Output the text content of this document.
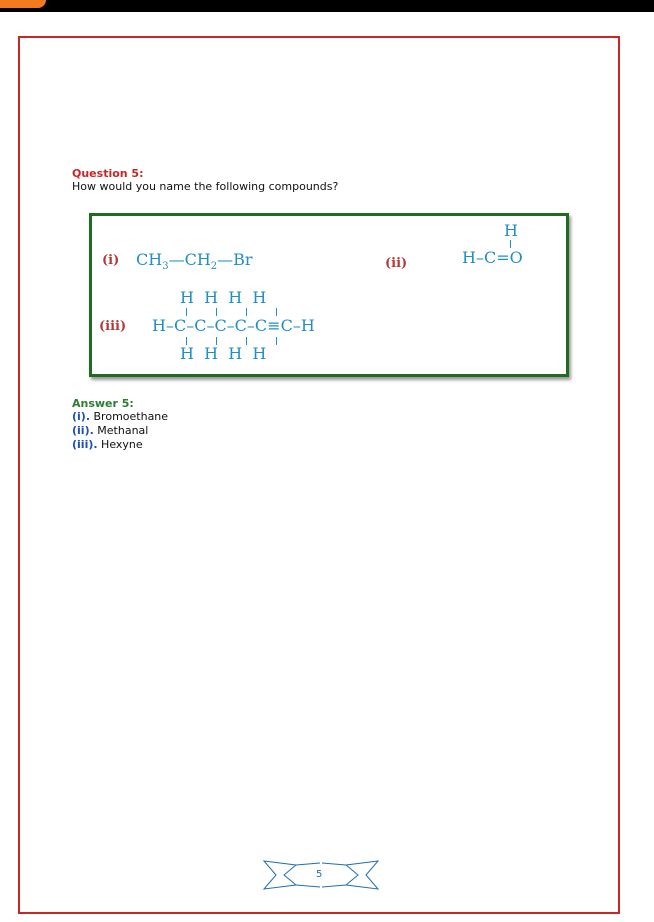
Question 5:
How would you name the following compounds?
(i) $CH_3—CH_2—Br$	(ii)
H
H–C=O
(iii)
H  H  H  H
H–C–C–C–C–C≡C–H
H  H  H  H
Answer 5:
(i). Bromoethane
(ii). Methanal
(iii). Hexyne
5
